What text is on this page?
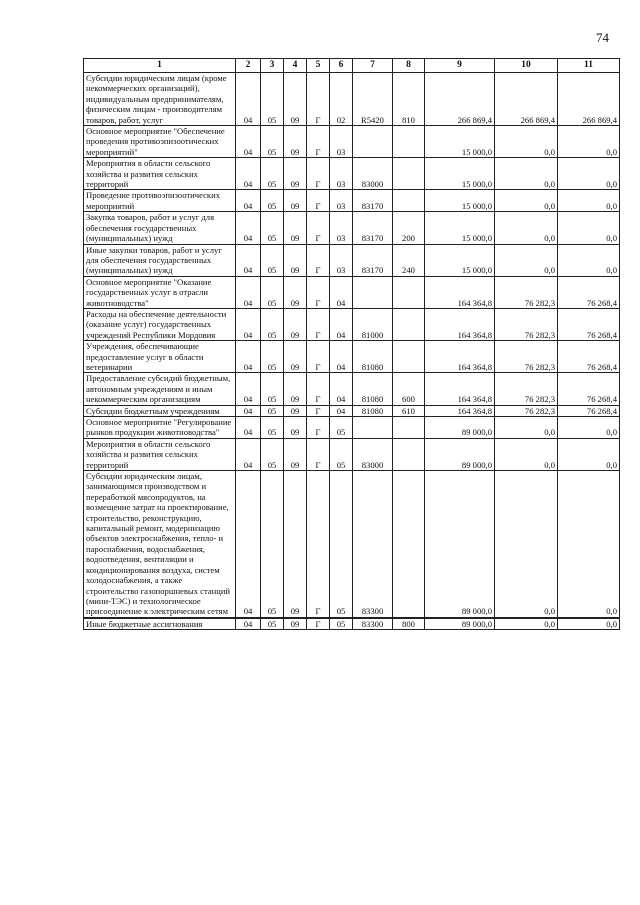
74
1	2	3	4	5	6	7	8	9	10	11
Субсидии юридическим лицам (кроме некоммерческих организаций), индивидуальным предпринимателям, физическим лицам - производителям товаров, работ, услуг	04	05	09	Г	02	R5420	810	266 869,4	266 869,4	266 869,4
Основное мероприятие "Обеспечение проведения противоэпизоотических мероприятий"	04	05	09	Г	03			15 000,0	0,0	0,0
Мероприятия в области сельского хозяйства и развития сельских территорий	04	05	09	Г	03	83000		15 000,0	0,0	0,0
Проведение противоэпизоотических мероприятий	04	05	09	Г	03	83170		15 000,0	0,0	0,0
Закупка товаров, работ и услуг для обеспечения государственных (муниципальных) нужд	04	05	09	Г	03	83170	200	15 000,0	0,0	0,0
Иные закупки товаров, работ и услуг для обеспечения государственных (муниципальных) нужд	04	05	09	Г	03	83170	240	15 000,0	0,0	0,0
Основное мероприятие "Оказание государственных услуг в отрасли животноводства"	04	05	09	Г	04			164 364,8	76 282,3	76 268,4
Расходы на обеспечение деятельности (оказание услуг) государственных учреждений Республики Мордовия	04	05	09	Г	04	81000		164 364,8	76 282,3	76 268,4
Учреждения, обеспечивающие предоставление услуг в области ветеринарии	04	05	09	Г	04	81080		164 364,8	76 282,3	76 268,4
Предоставление субсидий бюджетным, автономным учреждениям и иным некоммерческим организациям	04	05	09	Г	04	81080	600	164 364,8	76 282,3	76 268,4
Субсидии бюджетным учреждениям	04	05	09	Г	04	81080	610	164 364,8	76 282,3	76 268,4
Основное мероприятие "Регулирование рынков продукции животноводства"	04	05	09	Г	05			89 000,0	0,0	0,0
Мероприятия в области сельского хозяйства и развития сельских территорий	04	05	09	Г	05	83000		89 000,0	0,0	0,0
Субсидии юридическим лицам, занимающимся производством и переработкой мясопродуктов, на возмещение затрат на проектирование, строительство, реконструкцию, капитальный ремонт, модернизацию объектов электроснабжения, тепло- и пароснабжения, водоснабжения, водоотведения, вентиляции и кондиционирования воздуха, систем холодоснабжения, а также строительство газопоршневых станций (мини-ТЭС) и технологическое присоединение к электрическим сетям	04	05	09	Г	05	83300		89 000,0	0,0	0,0
Иные бюджетные ассигнования	04	05	09	Г	05	83300	800	89 000,0	0,0	0,0
